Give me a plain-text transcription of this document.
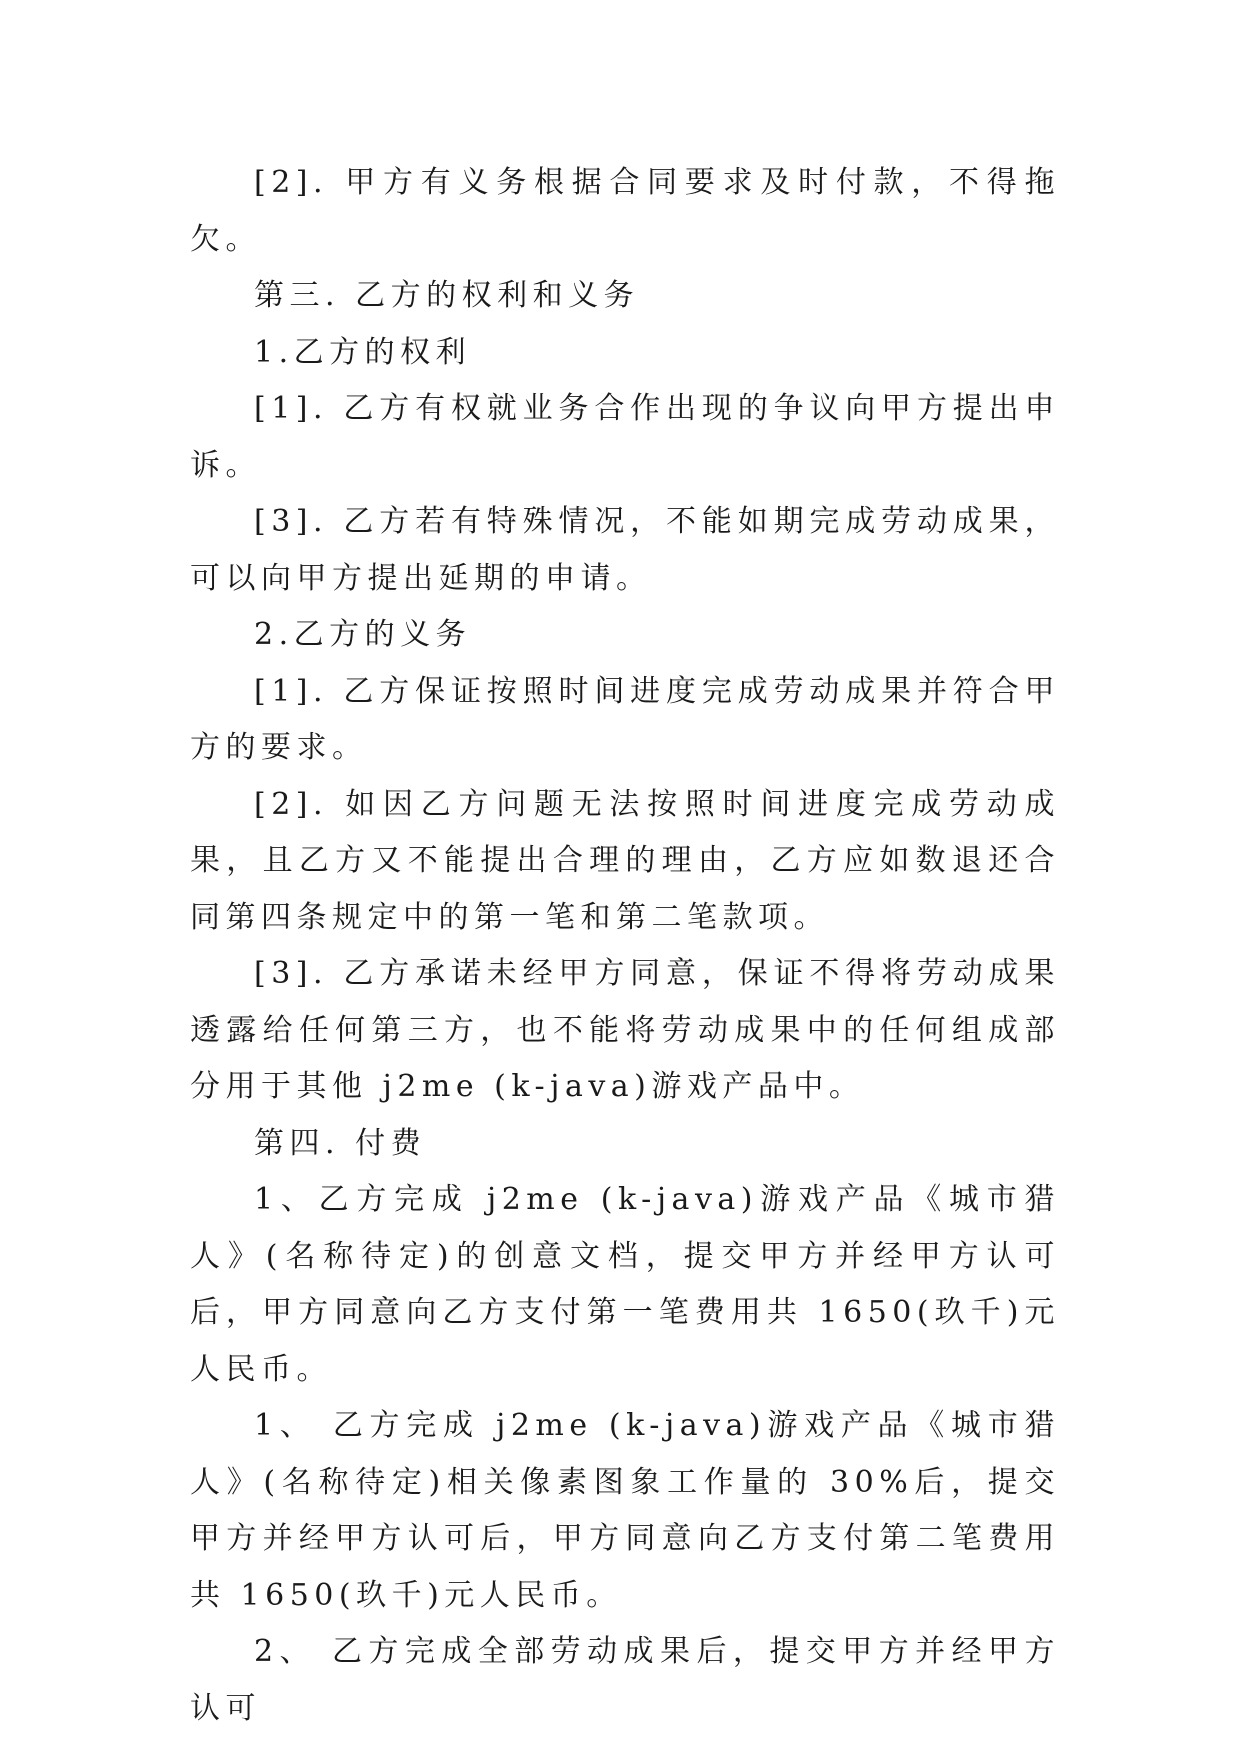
[2]. 甲方有义务根据合同要求及时付款，不得拖欠。

第三. 乙方的权利和义务

1.乙方的权利

[1]. 乙方有权就业务合作出现的争议向甲方提出申诉。

[3]. 乙方若有特殊情况，不能如期完成劳动成果，可以向甲方提出延期的申请。

2.乙方的义务

[1]. 乙方保证按照时间进度完成劳动成果并符合甲方的要求。

[2]. 如因乙方问题无法按照时间进度完成劳动成果，且乙方又不能提出合理的理由，乙方应如数退还合同第四条规定中的第一笔和第二笔款项。

[3]. 乙方承诺未经甲方同意，保证不得将劳动成果透露给任何第三方，也不能将劳动成果中的任何组成部分用于其他 j2me (k-java)游戏产品中。

第四. 付费

1、乙方完成 j2me (k-java)游戏产品《城市猎人》(名称待定)的创意文档，提交甲方并经甲方认可后，甲方同意向乙方支付第一笔费用共 1650(玖千)元人民币。

1、 乙方完成 j2me (k-java)游戏产品《城市猎人》(名称待定)相关像素图象工作量的 30%后，提交甲方并经甲方认可后，甲方同意向乙方支付第二笔费用共 1650(玖千)元人民币。

2、 乙方完成全部劳动成果后，提交甲方并经甲方认可
